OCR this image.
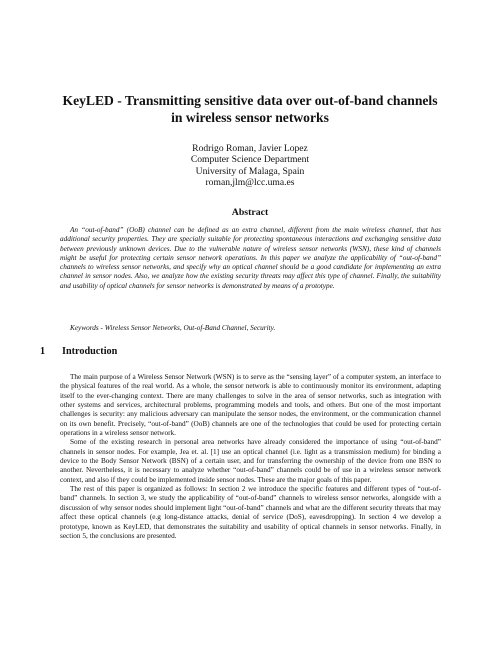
KeyLED - Transmitting sensitive data over out-of-band channels in wireless sensor networks
Rodrigo Roman, Javier Lopez
Computer Science Department
University of Malaga, Spain
roman,jlm@lcc.uma.es
Abstract
An “out-of-band” (OoB) channel can be defined as an extra channel, different from the main wireless channel, that has additional security properties. They are specially suitable for protecting spontaneous interactions and exchanging sensitive data between previously unknown devices. Due to the vulnerable nature of wireless sensor networks (WSN), these kind of channels might be useful for protecting certain sensor network operations. In this paper we analyze the applicability of “out-of-band” channels to wireless sensor networks, and specify why an optical channel should be a good candidate for implementing an extra channel in sensor nodes. Also, we analyze how the existing security threats may affect this type of channel. Finally, the suitability and usability of optical channels for sensor networks is demonstrated by means of a prototype.
Keywords - Wireless Sensor Networks, Out-of-Band Channel, Security.
1 Introduction

The main purpose of a Wireless Sensor Network (WSN) is to serve as the “sensing layer” of a computer system, an interface to the physical features of the real world. As a whole, the sensor network is able to continuously monitor its environment, adapting itself to the ever-changing context. There are many challenges to solve in the area of sensor networks, such as integration with other systems and services, architectural problems, programming models and tools, and others. But one of the most important challenges is security: any malicious adversary can manipulate the sensor nodes, the environment, or the communication channel on its own benefit. Precisely, “out-of-band” (OoB) channels are one of the technologies that could be used for protecting certain operations in a wireless sensor network.

Some of the existing research in personal area networks have already considered the importance of using “out-of-band” channels in sensor nodes. For example, Jea et. al. [1] use an optical channel (i.e. light as a transmission medium) for binding a device to the Body Sensor Network (BSN) of a certain user, and for transferring the ownership of the device from one BSN to another. Nevertheless, it is necessary to analyze whether “out-of-band” channels could be of use in a wireless sensor network context, and also if they could be implemented inside sensor nodes. These are the major goals of this paper.

The rest of this paper is organized as follows: In section 2 we introduce the specific features and different types of “out-of-band” channels. In section 3, we study the applicability of “out-of-band” channels to wireless sensor networks, alongside with a discussion of why sensor nodes should implement light “out-of-band” channels and what are the different security threats that may affect these optical channels (e.g long-distance attacks, denial of service (DoS), eavesdropping). In section 4 we develop a prototype, known as KeyLED, that demonstrates the suitability and usability of optical channels in sensor networks. Finally, in section 5, the conclusions are presented.
